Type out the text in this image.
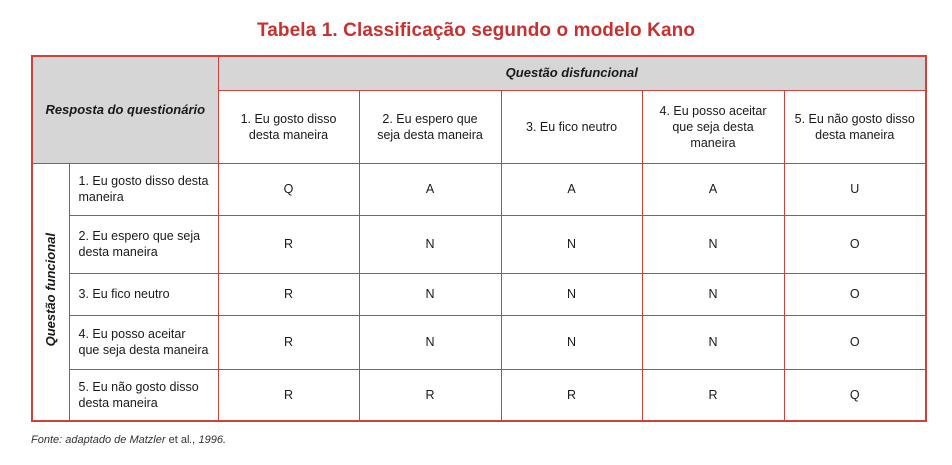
Tabela 1. Classificação segundo o modelo Kano
Resposta do questionário		Questão disfuncional				
		1. Eu gosto disso desta maneira	2. Eu espero que seja desta maneira	3. Eu fico neutro	4. Eu posso aceitar que seja desta maneira	5. Eu não gosto disso desta maneira
Questão funcional	1. Eu gosto disso desta maneira	Q	A	A	A	U
	2. Eu espero que seja desta maneira	R	N	N	N	O
	3. Eu fico neutro	R	N	N	N	O
	4. Eu posso aceitar que seja desta maneira	R	N	N	N	O
	5. Eu não gosto disso desta maneira	R	R	R	R	Q
Fonte: adaptado de Matzler et al., 1996.
